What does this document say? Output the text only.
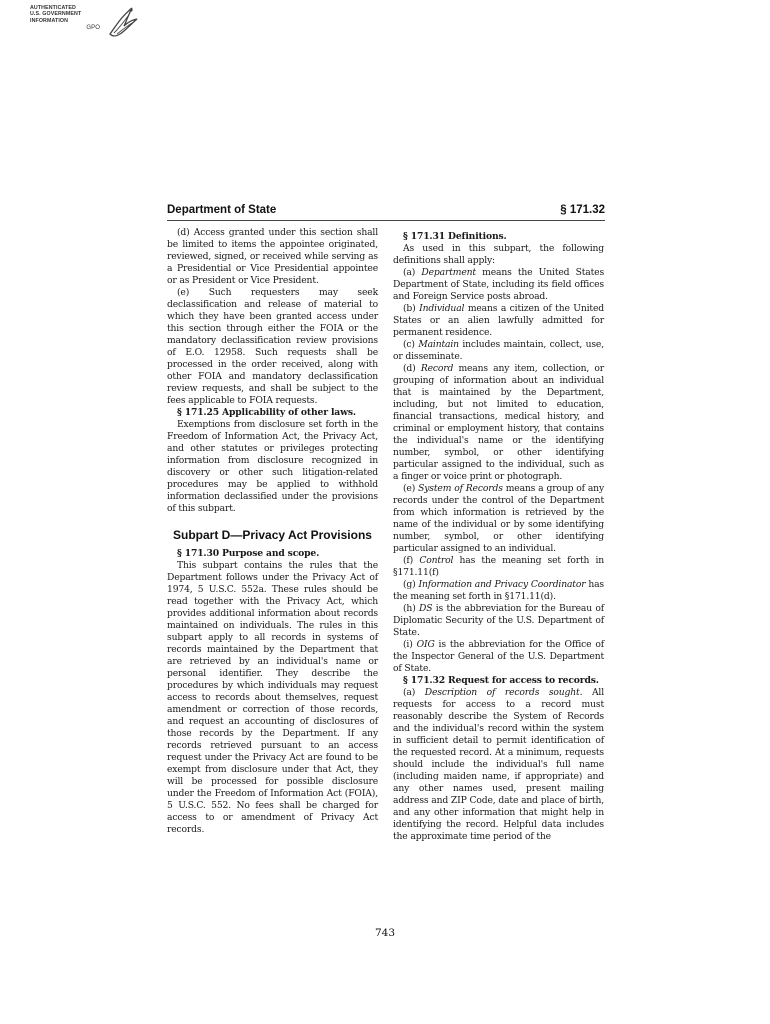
AUTHENTICATED
U.S. GOVERNMENT
INFORMATION
GPO
Department of State	§ 171.32

(d) Access granted under this section shall be limited to items the appointee originated, reviewed, signed, or received while serving as a Presidential or Vice Presidential appointee or as President or Vice President.

(e) Such requesters may seek declassification and release of material to which they have been granted access under this section through either the FOIA or the mandatory declassification review provisions of E.O. 12958. Such requests shall be processed in the order received, along with other FOIA and mandatory declassification review requests, and shall be subject to the fees applicable to FOIA requests.

§ 171.25 Applicability of other laws.

Exemptions from disclosure set forth in the Freedom of Information Act, the Privacy Act, and other statutes or privileges protecting information from disclosure recognized in discovery or other such litigation-related procedures may be applied to withhold information declassified under the provisions of this subpart.

Subpart D—Privacy Act Provisions

§ 171.30 Purpose and scope.

This subpart contains the rules that the Department follows under the Privacy Act of 1974, 5 U.S.C. 552a. These rules should be read together with the Privacy Act, which provides additional information about records maintained on individuals. The rules in this subpart apply to all records in systems of records maintained by the Department that are retrieved by an individual's name or personal identifier. They describe the procedures by which individuals may request access to records about themselves, request amendment or correction of those records, and request an accounting of disclosures of those records by the Department. If any records retrieved pursuant to an access request under the Privacy Act are found to be exempt from disclosure under that Act, they will be processed for possible disclosure under the Freedom of Information Act (FOIA), 5 U.S.C. 552. No fees shall be charged for access to or amendment of Privacy Act records.

§ 171.31 Definitions.

As used in this subpart, the following definitions shall apply:

(a) Department means the United States Department of State, including its field offices and Foreign Service posts abroad.

(b) Individual means a citizen of the United States or an alien lawfully admitted for permanent residence.

(c) Maintain includes maintain, collect, use, or disseminate.

(d) Record means any item, collection, or grouping of information about an individual that is maintained by the Department, including, but not limited to education, financial transactions, medical history, and criminal or employment history, that contains the individual's name or the identifying number, symbol, or other identifying particular assigned to the individual, such as a finger or voice print or photograph.

(e) System of Records means a group of any records under the control of the Department from which information is retrieved by the name of the individual or by some identifying number, symbol, or other identifying particular assigned to an individual.

(f) Control has the meaning set forth in §171.11(f)

(g) Information and Privacy Coordinator has the meaning set forth in §171.11(d).

(h) DS is the abbreviation for the Bureau of Diplomatic Security of the U.S. Department of State.

(i) OIG is the abbreviation for the Office of the Inspector General of the U.S. Department of State.

§ 171.32 Request for access to records.

(a) Description of records sought. All requests for access to a record must reasonably describe the System of Records and the individual's record within the system in sufficient detail to permit identification of the requested record. At a minimum, requests should include the individual's full name (including maiden name, if appropriate) and any other names used, present mailing address and ZIP Code, date and place of birth, and any other information that might help in identifying the record. Helpful data includes the approximate time period of the

743
